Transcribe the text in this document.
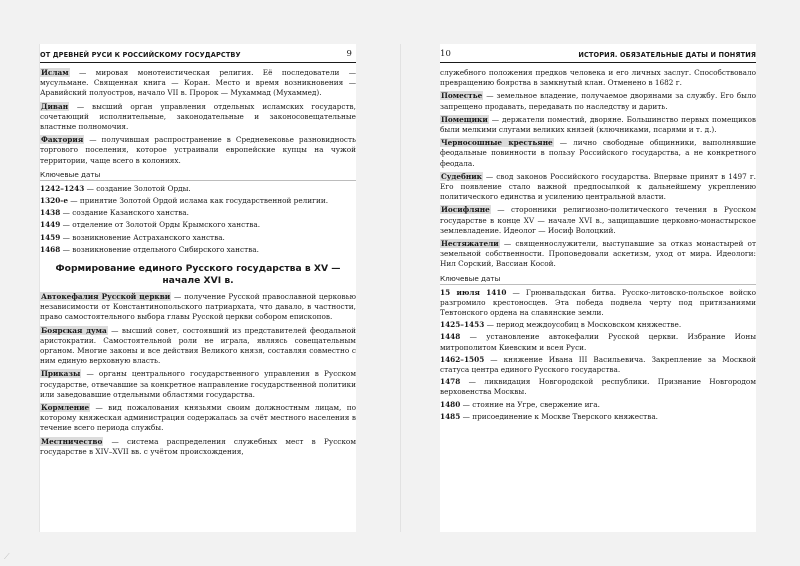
ОТ ДРЕВНЕЙ РУСИ К РОССИЙСКОМУ ГОСУДАРСТВУ	9

Ислам — мировая монотеистическая религия. Её последователи — мусульмане. Священная книга — Коран. Место и время возникновения — Аравийский полуостров, начало VII в. Пророк — Мухаммад (Мухаммед).

Диван — высший орган управления отдельных исламских государств, сочетающий исполнительные, законодательные и законосовещательные властные полномочия.

Фактория — получившая распространение в Средневековье разновидность торгового поселения, которое устраивали европейские купцы на чужой территории, чаще всего в колониях.

Ключевые даты

1242–1243 — создание Золотой Орды.

1320-е — принятие Золотой Ордой ислама как государственной религии.

1438 — создание Казанского ханства.

1449 — отделение от Золотой Орды Крымского ханства.

1459 — возникновение Астраханского ханства.

1468 — возникновение отдельного Сибирского ханства.

Формирование единого Русского государства в XV — начале XVI в.

Автокефалия Русской церкви — получение Русской православной церковью независимости от Константинопольского патриархата, что давало, в частности, право самостоятельного выбора главы Русской церкви собором епископов.

Боярская дума — высший совет, состоявший из представителей феодальной аристократии. Самостоятельной роли не играла, являясь совещательным органом. Многие законы и все действия Великого князя, составляя совместно с ним единую верховную власть.

Приказы — органы центрального государственного управления в Русском государстве, отвечавшие за конкретное направление государственной политики или заведовавшие отдельными областями государства.

Кормление — вид пожалования князьями своим должностным лицам, по которому княжеская администрация содержалась за счёт местного населения в течение всего периода службы.

Местничество — система распределения служебных мест в Русском государстве в XIV–XVII вв. с учётом происхождения,

10	ИСТОРИЯ. ОБЯЗАТЕЛЬНЫЕ ДАТЫ И ПОНЯТИЯ

служебного положения предков человека и его личных заслуг. Способствовало превращению боярства в замкнутый клан. Отменено в 1682 г.

Поместье — земельное владение, получаемое дворянами за службу. Его было запрещено продавать, передавать по наследству и дарить.

Помещики — держатели поместий, дворяне. Большинство первых помещиков были мелкими слугами великих князей (ключниками, псарями и т. д.).

Черносошные крестьяне — лично свободные общинники, выполнявшие феодальные повинности в пользу Российского государства, а не конкретного феодала.

Судебник — свод законов Российского государства. Впервые принят в 1497 г. Его появление стало важной предпосылкой к дальнейшему укреплению политического единства и усилению центральной власти.

Иосифляне — сторонники религиозно-политического течения в Русском государстве в конце XV — начале XVI в., защищавшие церковно-монастырское землевладение. Идеолог — Иосиф Волоцкий.

Нестяжатели — священнослужители, выступавшие за отказ монастырей от земельной собственности. Проповедовали аскетизм, уход от мира. Идеологи: Нил Сорский, Вассиан Косой.

Ключевые даты

15 июля 1410 — Грюнвальдская битва. Русско-литовско-польское войско разгромило крестоносцев. Эта победа подвела черту под притязаниями Тевтонского ордена на славянские земли.

1425–1453 — период междоусобиц в Московском княжестве.

1448 — установление автокефалии Русской церкви. Избрание Ионы митрополитом Киевским и всея Руси.

1462–1505 — княжение Ивана III Васильевича. Закрепление за Москвой статуса центра единого Русского государства.

1478 — ликвидация Новгородской республики. Признание Новгородом верховенства Москвы.

1480 — стояние на Угре, свержение ига.

1485 — присоединение к Москве Тверского княжества.

⟋
